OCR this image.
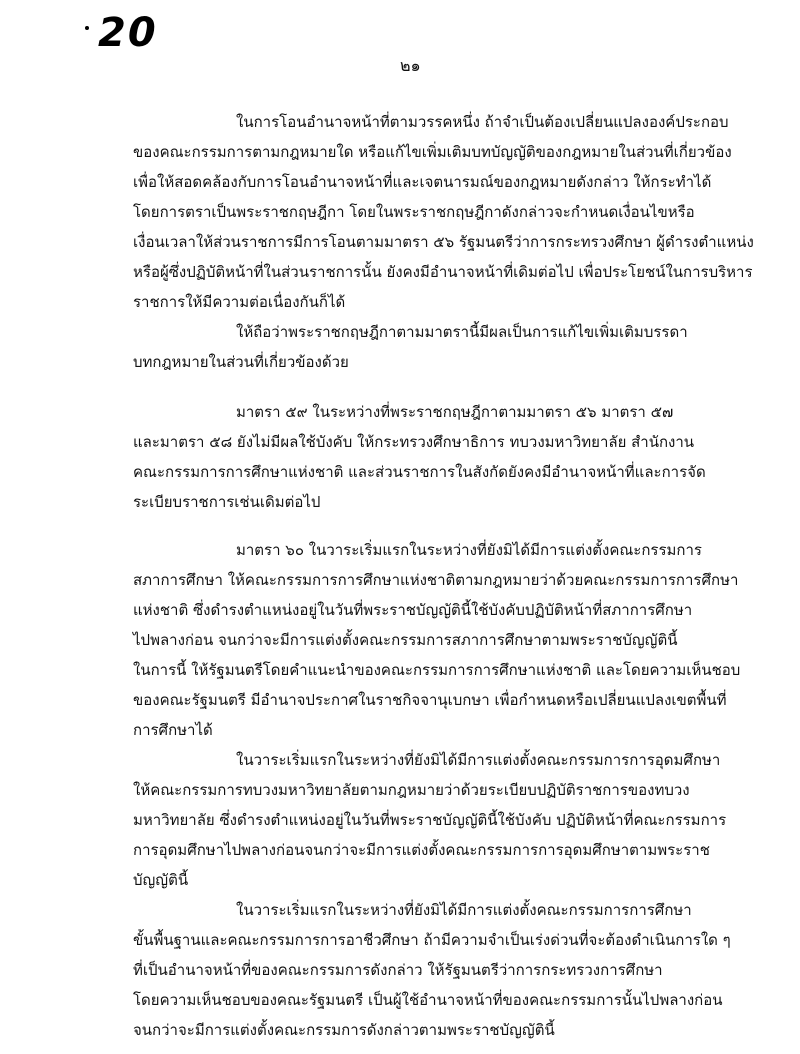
20
๒๑
ในการโอนอำนาจหน้าที่ตามวรรคหนึ่ง ถ้าจำเป็นต้องเปลี่ยนแปลงองค์ประกอบ
ของคณะกรรมการตามกฎหมายใด หรือแก้ไขเพิ่มเติมบทบัญญัติของกฎหมายในส่วนที่เกี่ยวข้อง
เพื่อให้สอดคล้องกับการโอนอำนาจหน้าที่และเจตนารมณ์ของกฎหมายดังกล่าว ให้กระทำได้
โดยการตราเป็นพระราชกฤษฎีกา โดยในพระราชกฤษฎีกาดังกล่าวจะกำหนดเงื่อนไขหรือ
เงื่อนเวลาให้ส่วนราชการมีการโอนตามมาตรา ๕๖ รัฐมนตรีว่าการกระทรวงศึกษา ผู้ดำรงตำแหน่ง
หรือผู้ซึ่งปฏิบัติหน้าที่ในส่วนราชการนั้น ยังคงมีอำนาจหน้าที่เดิมต่อไป เพื่อประโยชน์ในการบริหาร
ราชการให้มีความต่อเนื่องกันก็ได้
ให้ถือว่าพระราชกฤษฎีกาตามมาตรานี้มีผลเป็นการแก้ไขเพิ่มเติมบรรดา
บทกฎหมายในส่วนที่เกี่ยวข้องด้วย
มาตรา ๕๙ ในระหว่างที่พระราชกฤษฎีกาตามมาตรา ๕๖ มาตรา ๕๗
และมาตรา ๕๘ ยังไม่มีผลใช้บังคับ ให้กระทรวงศึกษาธิการ ทบวงมหาวิทยาลัย สำนักงาน
คณะกรรมการการศึกษาแห่งชาติ และส่วนราชการในสังกัดยังคงมีอำนาจหน้าที่และการจัด
ระเบียบราชการเช่นเดิมต่อไป
มาตรา ๖๐ ในวาระเริ่มแรกในระหว่างที่ยังมิได้มีการแต่งตั้งคณะกรรมการ
สภาการศึกษา ให้คณะกรรมการการศึกษาแห่งชาติตามกฎหมายว่าด้วยคณะกรรมการการศึกษา
แห่งชาติ ซึ่งดำรงตำแหน่งอยู่ในวันที่พระราชบัญญัตินี้ใช้บังคับปฏิบัติหน้าที่สภาการศึกษา
ไปพลางก่อน จนกว่าจะมีการแต่งตั้งคณะกรรมการสภาการศึกษาตามพระราชบัญญัตินี้
ในการนี้ ให้รัฐมนตรีโดยคำแนะนำของคณะกรรมการการศึกษาแห่งชาติ และโดยความเห็นชอบ
ของคณะรัฐมนตรี มีอำนาจประกาศในราชกิจจานุเบกษา เพื่อกำหนดหรือเปลี่ยนแปลงเขตพื้นที่
การศึกษาได้
ในวาระเริ่มแรกในระหว่างที่ยังมิได้มีการแต่งตั้งคณะกรรมการการอุดมศึกษา
ให้คณะกรรมการทบวงมหาวิทยาลัยตามกฎหมายว่าด้วยระเบียบปฏิบัติราชการของทบวง
มหาวิทยาลัย ซึ่งดำรงตำแหน่งอยู่ในวันที่พระราชบัญญัตินี้ใช้บังคับ ปฏิบัติหน้าที่คณะกรรมการ
การอุดมศึกษาไปพลางก่อนจนกว่าจะมีการแต่งตั้งคณะกรรมการการอุดมศึกษาตามพระราช
บัญญัตินี้
ในวาระเริ่มแรกในระหว่างที่ยังมิได้มีการแต่งตั้งคณะกรรมการการศึกษา
ขั้นพื้นฐานและคณะกรรมการการอาชีวศึกษา ถ้ามีความจำเป็นเร่งด่วนที่จะต้องดำเนินการใด ๆ
ที่เป็นอำนาจหน้าที่ของคณะกรรมการดังกล่าว ให้รัฐมนตรีว่าการกระทรวงการศึกษา
โดยความเห็นชอบของคณะรัฐมนตรี เป็นผู้ใช้อำนาจหน้าที่ของคณะกรรมการนั้นไปพลางก่อน
จนกว่าจะมีการแต่งตั้งคณะกรรมการดังกล่าวตามพระราชบัญญัตินี้
